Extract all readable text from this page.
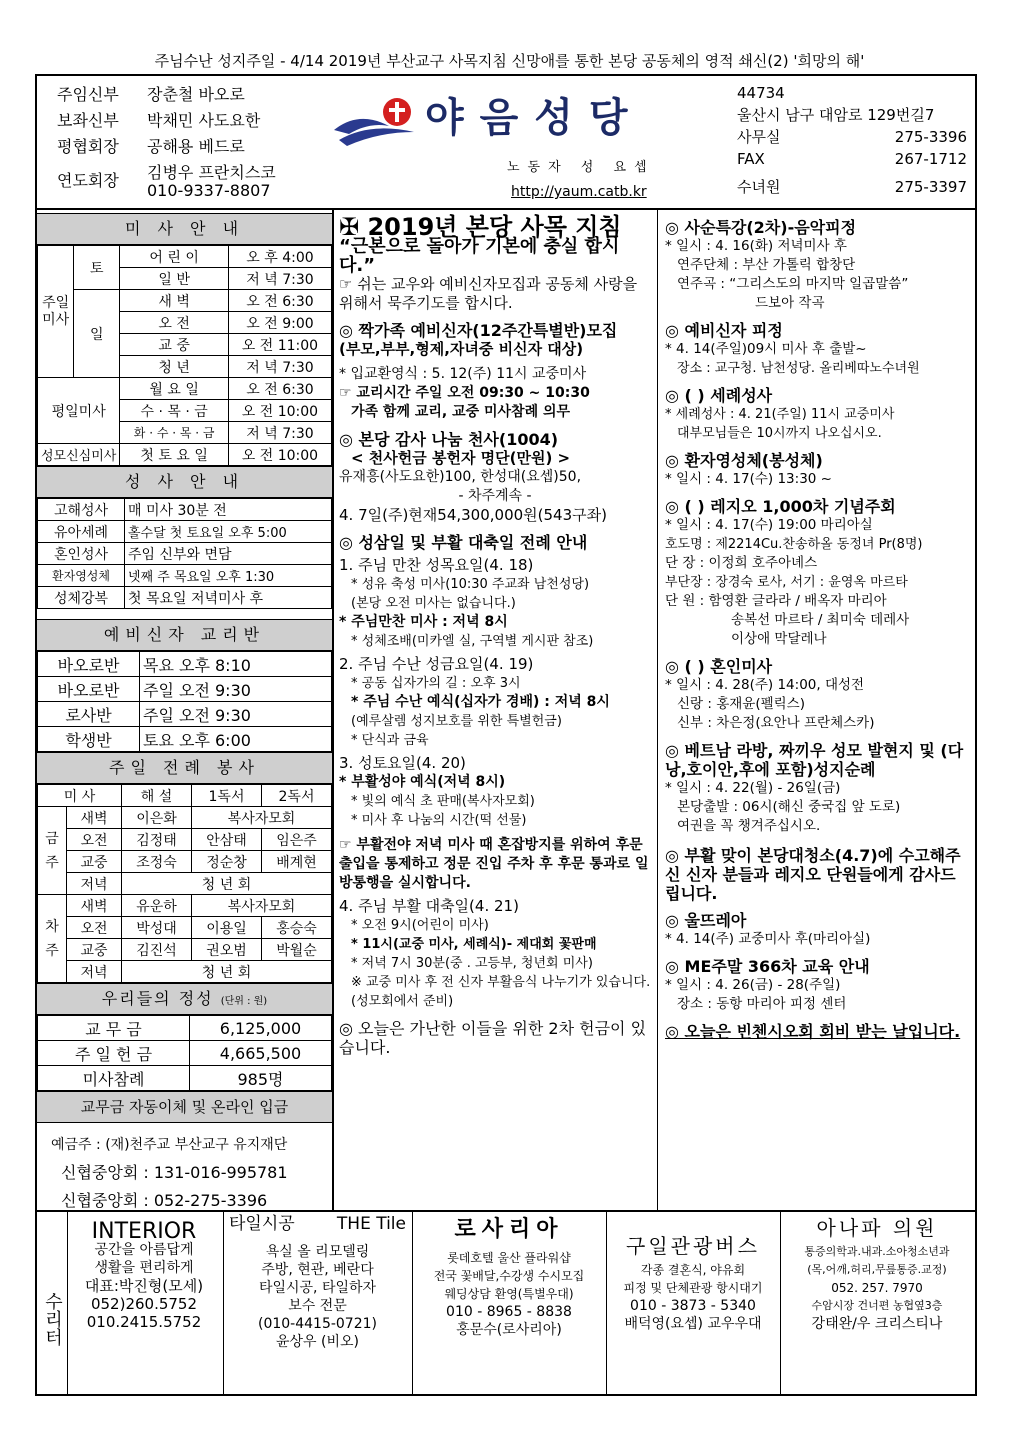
주님수난 성지주일 - 4/14 2019년 부산교구 사목지침 신망애를 통한 본당 공동체의 영적 쇄신(2) '희망의 해'
주임신부	장춘철 바오로
보좌신부	박채민 사도요한
평협회장	공해용 베드로
연도회장	김병우 프란치스코
010-9337-8807
야음성당
노동자 성 요셉
http://yaum.catb.kr
44734
울산시 남구 대암로 129번길7
사무실	275-3396
FAX	267-1712
수녀원	275-3397
미 사 안 내
주일미사	토	어 린 이	오 후 4:00
		일 반	저 녁 7:30
	일	새 벽	오 전 6:30
		오 전	오 전 9:00
		교 중	오 전 11:00
		청 년	저 녁 7:30
평일미사		월 요 일	오 전 6:30
		수 · 목 · 금	오 전 10:00
		화 · 수 · 목 · 금	저 녁 7:30
성모신심미사		첫 토 요 일	오 전 10:00
성 사 안 내
고해성사	매 미사 30분 전
유아세례	홀수달 첫 토요일 오후 5:00
혼인성사	주임 신부와 면담
환자영성체	넷째 주 목요일 오후 1:30
성체강복	첫 목요일 저녁미사 후
예비신자 교리반
바오로반	목요 오후 8:10
바오로반	주일 오전 9:30
로사반	주일 오전 9:30
학생반	토요 오후 6:00
주일 전례 봉사
미 사		해 설	1독서	2독서
금주	새벽	이은화	복사자모회	
	오전	김정태	안삼태	임은주
	교중	조정숙	정순창	배계현
	저녁	청 년 회		
차주	새벽	유운하	복사자모회	
	오전	박성대	이용일	홍승숙
	교중	김진석	권오범	박월순
	저녁	청 년 회		
우리들의 정성 (단위 : 원)
교 무 금	6,125,000
주 일 헌 금	4,665,500
미사참례	985명
교무금 자동이체 및 온라인 입금
예금주 : (재)천주교 부산교구 유지재단
신협중앙회 : 131-016-995781
신협중앙회 : 052-275-3396

✠ 2019년 본당 사목 지침

“근본으로 돌아가 기본에 충실 합시다.”

☞ 쉬는 교우와 예비신자모집과 공동체 사랑을 위해서 묵주기도를 합시다.

◎ 짝가족 예비신자(12주간특별반)모집

(부모,부부,형제,자녀중 비신자 대상)

* 입교환영식 : 5. 12(주) 11시 교중미사

☞ 교리시간 주일 오전 09:30 ~ 10:30

가족 함께 교리, 교중 미사참례 의무

◎ 본당 감사 나눔 천사(1004)

< 천사헌금 봉헌자 명단(만원) >

유재흥(사도요한)100, 한성대(요셉)50,

- 차주계속 -

4. 7일(주)현재54,300,000원(543구좌)

◎ 성삼일 및 부활 대축일 전례 안내

1. 주님 만찬 성목요일(4. 18)

* 성유 축성 미사(10:30 주교좌 남천성당)

(본당 오전 미사는 없습니다.)

* 주님만찬 미사 : 저녁 8시

* 성체조배(미카엘 실, 구역별 게시판 참조)

2. 주님 수난 성금요일(4. 19)

* 공동 십자가의 길 : 오후 3시

* 주님 수난 예식(십자가 경배) : 저녁 8시

(예루살렘 성지보호를 위한 특별헌금)

* 단식과 금육

3. 성토요일(4. 20)

* 부활성야 예식(저녁 8시)

* 빛의 예식 초 판매(복사자모회)

* 미사 후 나눔의 시간(떡 선물)

☞ 부활전야 저녁 미사 때 혼잡방지를 위하여 후문출입을 통제하고 정문 진입 주차 후 후문 통과로 일방통행을 실시합니다.

4. 주님 부활 대축일(4. 21)

* 오전 9시(어린이 미사)

* 11시(교중 미사, 세례식)- 제대회 꽃판매

* 저녁 7시 30분(중 . 고등부, 청년회 미사)

※ 교중 미사 후 전 신자 부활음식 나누기가 있습니다.(성모회에서 준비)

◎ 오늘은 가난한 이들을 위한 2차 헌금이 있습니다.

◎ 사순특강(2차)-음악피정

* 일시 : 4. 16(화) 저녁미사 후

연주단체 : 부산 가톨릭 합창단

연주곡 : “그리스도의 마지막 일곱말씀”

드보아 작곡

◎ 예비신자 피정

* 4. 14(주일)09시 미사 후 출발~

장소 : 교구청. 남천성당. 올리베따노수녀원

◎ ( ) 세례성사

* 세례성사 : 4. 21(주일) 11시 교중미사

대부모님들은 10시까지 나오십시오.

◎ 환자영성체(봉성체)

* 일시 : 4. 17(수) 13:30 ~

◎ ( ) 레지오 1,000차 기념주회

* 일시 : 4. 17(수) 19:00 마리아실

호도명 : 제2214Cu.찬송하올 동정녀 Pr(8명)

단 장 : 이정희 호주아녜스

부단장 : 장경숙 로사, 서기 : 윤영옥 마르타

단 원 : 함영환 글라라 / 배옥자 마리아

송복선 마르타 / 최미숙 데레사

이상애 막달레나

◎ ( ) 혼인미사

* 일시 : 4. 28(주) 14:00, 대성전

신랑 : 홍재윤(펠릭스)

신부 : 차은정(요안나 프란체스카)

◎ 베트남 라방, 짜끼우 성모 발현지 및 (다낭,호이안,후에 포함)성지순례

* 일시 : 4. 22(월) - 26일(금)

본당출발 : 06시(해신 중국집 앞 도로)

여권을 꼭 챙겨주십시오.

◎ 부활 맞이 본당대청소(4.7)에 수고해주신 신자 분들과 레지오 단원들에게 감사드립니다.

◎ 울뜨레아

* 4. 14(주) 교중미사 후(마리아실)

◎ ME주말 366차 교육 안내

* 일시 : 4. 26(금) - 28(주일)

장소 : 동항 마리아 피정 센터

◎ 오늘은 빈첸시오회 회비 받는 날입니다.

수리터
INTERIOR
공간을 아름답게
생활을 편리하게
대표:박진형(모세)
052)260.5752
010.2415.5752
타일시공 THE Tile
욕실 올 리모델링
주방, 현관, 베란다
타일시공, 타일하자
보수 전문
(010-4415-0721)
윤상우 (비오)
로사리아
롯데호텔 울산 플라워샵
전국 꽃배달,수강생 수시모집
웨딩상담 환영(특별우대)
010 - 8965 - 8838
홍문수(로사리아)
구일관광버스
각종 결혼식, 야유회
피정 및 단체관광 항시대기
010 - 3873 - 5340
배덕영(요셉) 교우우대
아나파 의원
통증의학과.내과.소아청소년과
(목,어깨,허리,무릎통증.교정)
052. 257. 7970
수암시장 건너편 농협옆3층
강태완/우 크리스티나
